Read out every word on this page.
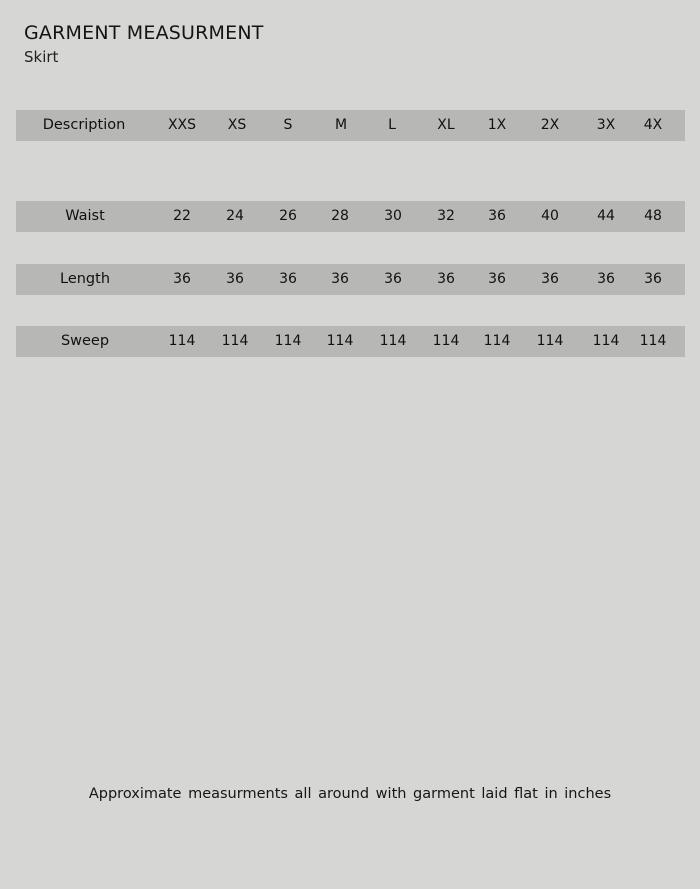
GARMENT MEASURMENT

Skirt

Description	XXS XS	S	M	L	XL 1X 2X	3X 4X
Waist	22	24	26 28	30	32 36	40	44 48
Length	36	36	36 36	36	36 36	36	36 36
Sweep	114 114 114 114 114 114 114 114 114 114

Approximate measurments all around with garment laid flat in inches
